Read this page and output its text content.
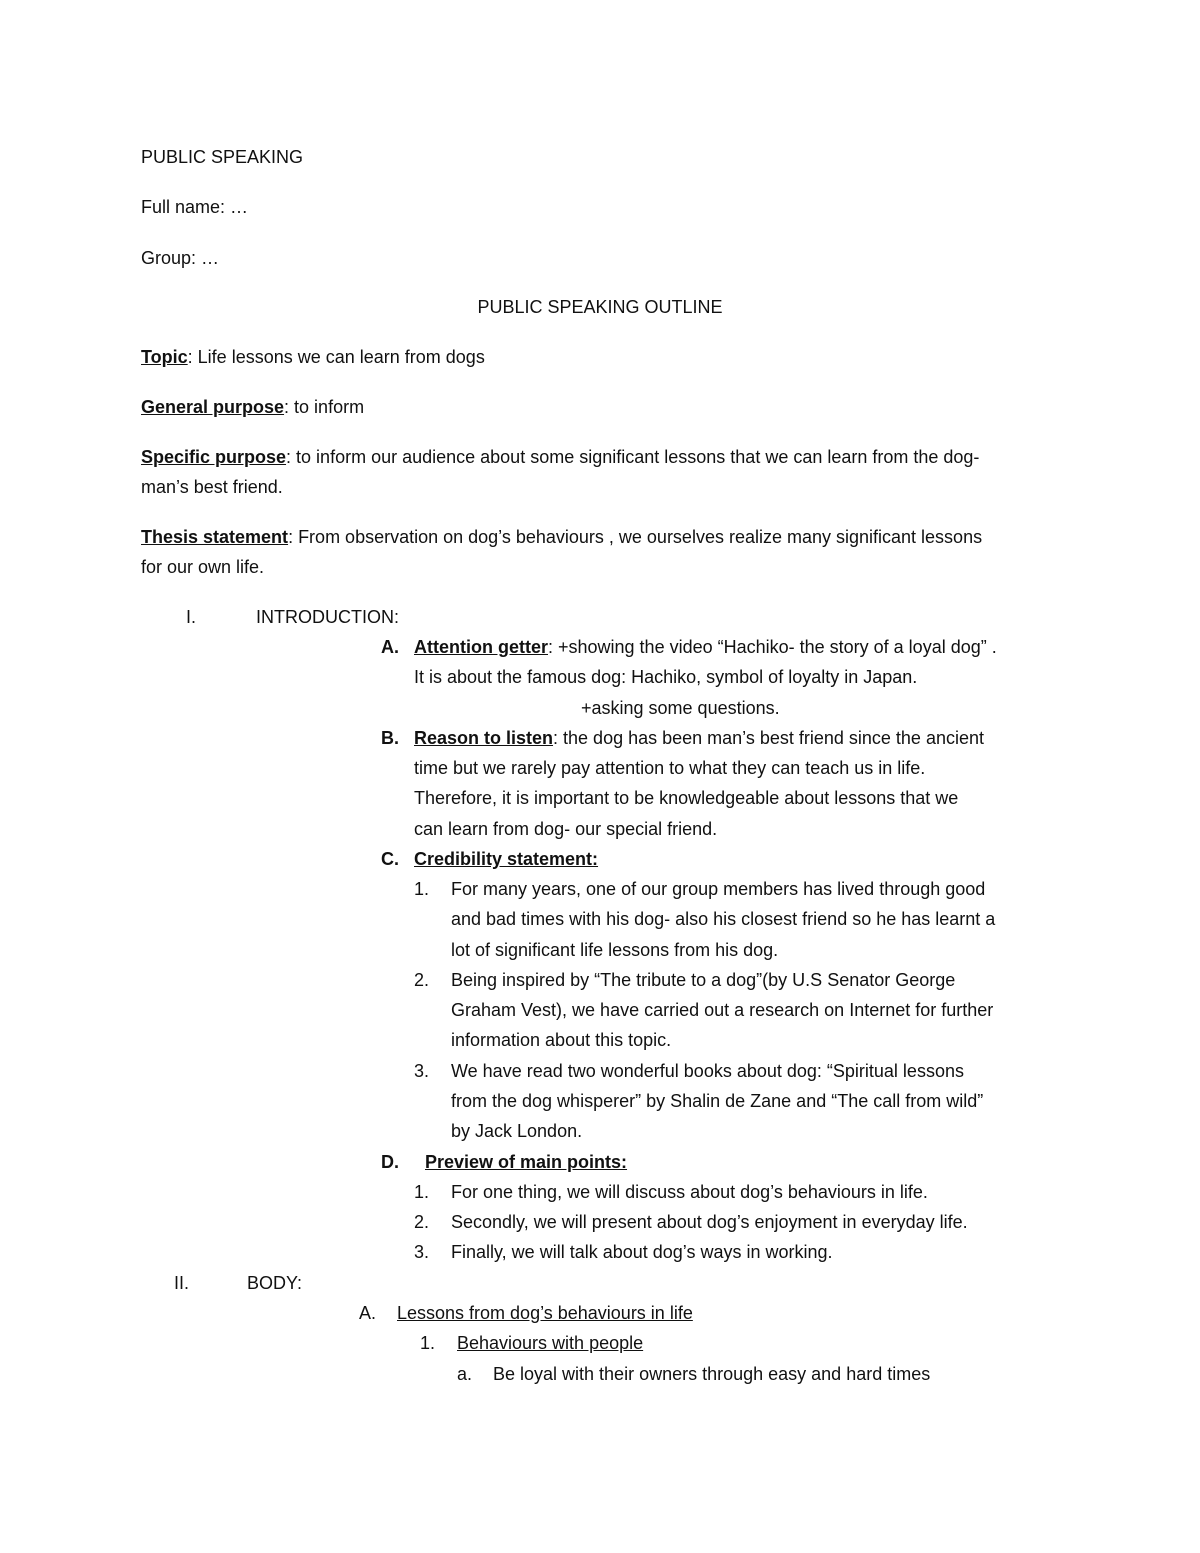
PUBLIC SPEAKING
Full name: …
Group: …
PUBLIC SPEAKING OUTLINE
Topic: Life lessons we can learn from dogs
General purpose: to inform
Specific purpose: to inform our audience about some significant lessons that we can learn from the dog-
man’s best friend.
Thesis statement: From observation on dog’s behaviours , we ourselves realize many significant lessons
for our own life.
I.	INTRODUCTION:
A. Attention getter: +showing the video “Hachiko- the story of a loyal dog” .
It is about the famous dog: Hachiko, symbol of loyalty in Japan.
+asking some questions.
B. Reason to listen: the dog has been man’s best friend since the ancient
time but we rarely pay attention to what they can teach us in life.
Therefore, it is important to be knowledgeable about lessons that we
can learn from dog- our special friend.
C. Credibility statement:
1. For many years, one of our group members has lived through good
and bad times with his dog- also his closest friend so he has learnt a
lot of significant life lessons from his dog.
2. Being inspired by “The tribute to a dog”(by U.S Senator George
Graham Vest), we have carried out a research on Internet for further
information about this topic.
3. We have read two wonderful books about dog: “Spiritual lessons
from the dog whisperer” by Shalin de Zane and “The call from wild”
by Jack London.
D. Preview of main points:
1. For one thing, we will discuss about dog’s behaviours in life.
2. Secondly, we will present about dog’s enjoyment in everyday life.
3. Finally, we will talk about dog’s ways in working.
II.	BODY:
A. Lessons from dog’s behaviours in life
1. Behaviours with people
a. Be loyal with their owners through easy and hard times
